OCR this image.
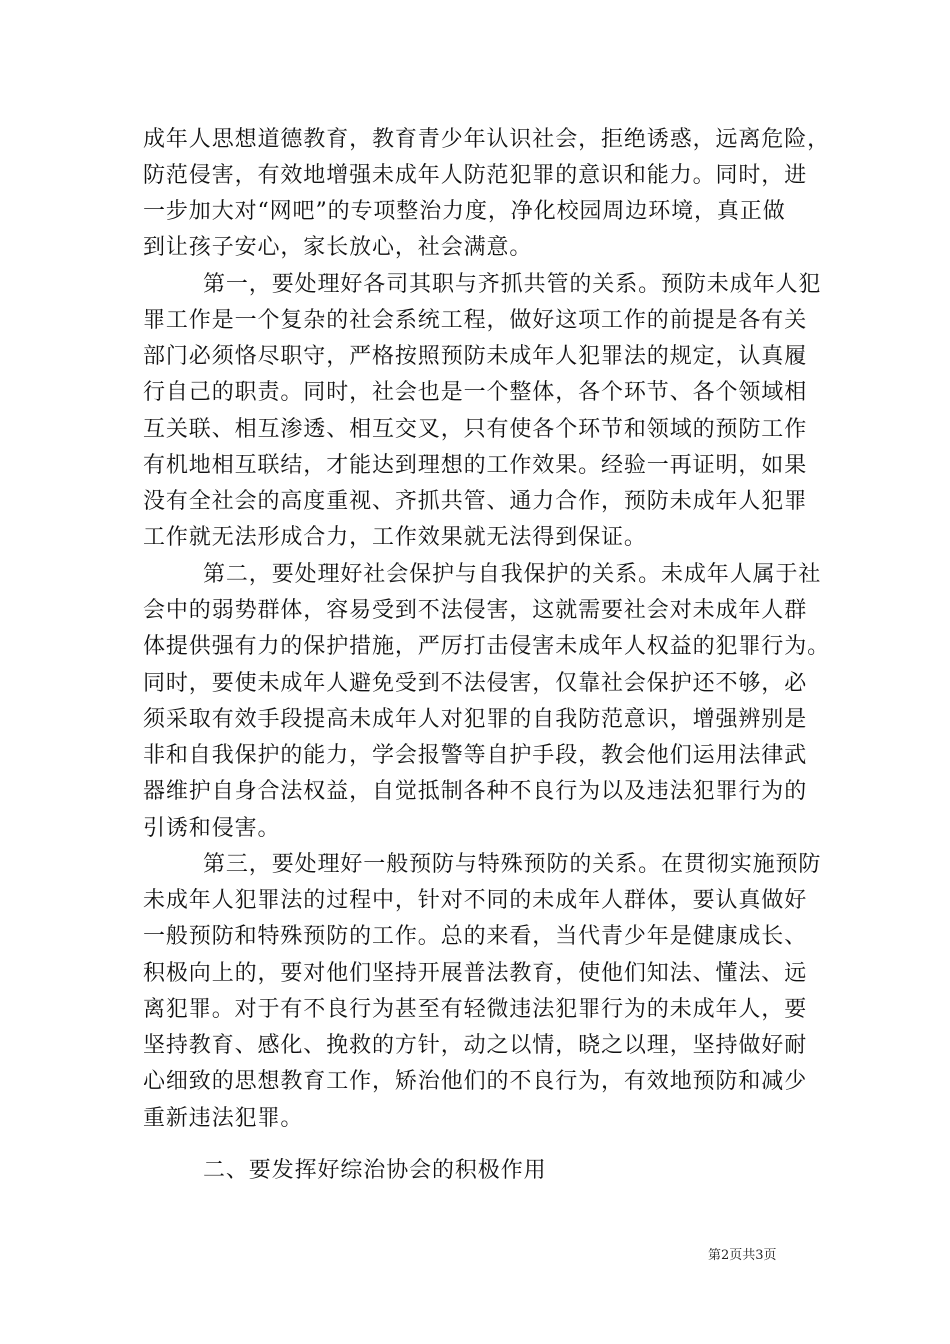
成年人思想道德教育，教育青少年认识社会，拒绝诱惑，远离危险，
防范侵害，有效地增强未成年人防范犯罪的意识和能力。同时，进
一步加大对“网吧”的专项整治力度，净化校园周边环境，真正做
到让孩子安心，家长放心，社会满意。
第一，要处理好各司其职与齐抓共管的关系。预防未成年人犯
罪工作是一个复杂的社会系统工程，做好这项工作的前提是各有关
部门必须恪尽职守，严格按照预防未成年人犯罪法的规定，认真履
行自己的职责。同时，社会也是一个整体，各个环节、各个领域相
互关联、相互渗透、相互交叉，只有使各个环节和领域的预防工作
有机地相互联结，才能达到理想的工作效果。经验一再证明，如果
没有全社会的高度重视、齐抓共管、通力合作，预防未成年人犯罪
工作就无法形成合力，工作效果就无法得到保证。
第二，要处理好社会保护与自我保护的关系。未成年人属于社
会中的弱势群体，容易受到不法侵害，这就需要社会对未成年人群
体提供强有力的保护措施，严厉打击侵害未成年人权益的犯罪行为。
同时，要使未成年人避免受到不法侵害，仅靠社会保护还不够，必
须采取有效手段提高未成年人对犯罪的自我防范意识，增强辨别是
非和自我保护的能力，学会报警等自护手段，教会他们运用法律武
器维护自身合法权益，自觉抵制各种不良行为以及违法犯罪行为的
引诱和侵害。
第三，要处理好一般预防与特殊预防的关系。在贯彻实施预防
未成年人犯罪法的过程中，针对不同的未成年人群体，要认真做好
一般预防和特殊预防的工作。总的来看，当代青少年是健康成长、
积极向上的，要对他们坚持开展普法教育，使他们知法、懂法、远
离犯罪。对于有不良行为甚至有轻微违法犯罪行为的未成年人，要
坚持教育、感化、挽救的方针，动之以情，晓之以理，坚持做好耐
心细致的思想教育工作，矫治他们的不良行为，有效地预防和减少
重新违法犯罪。
二、要发挥好综治协会的积极作用
第2页共3页
